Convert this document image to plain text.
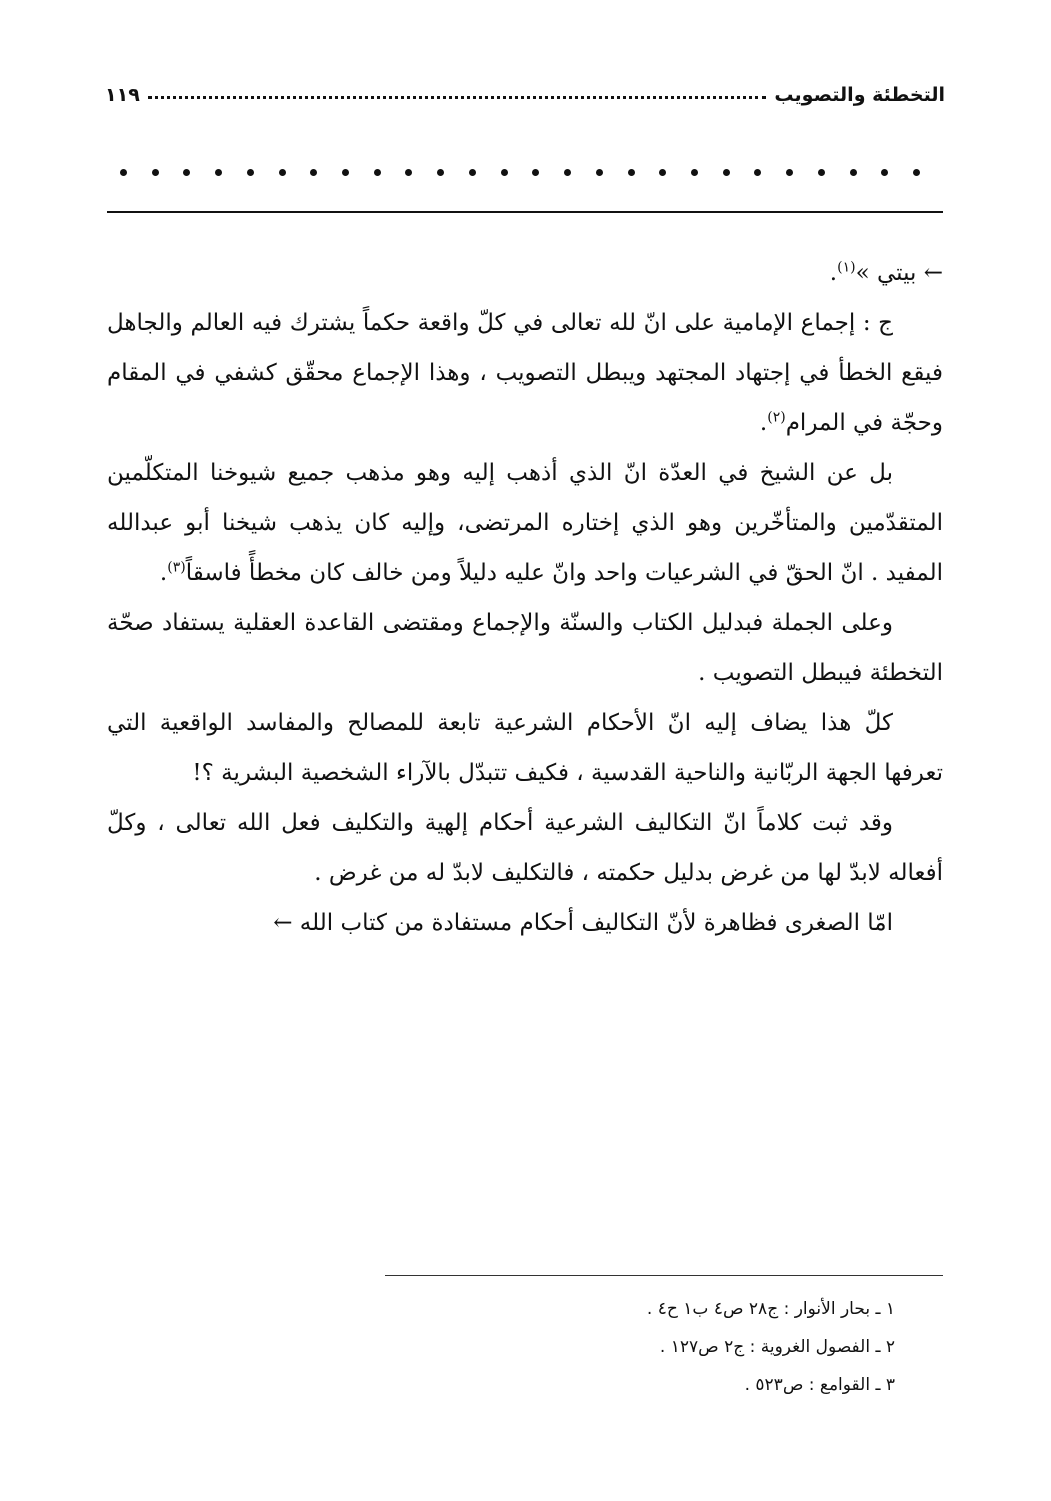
التخطئة والتصويب
١١٩

← بيتي »$^{(١)}$.

ج : إجماع الإمامية على انّ لله تعالى في كلّ واقعة حكماً يشترك فيه العالم والجاهل فيقع الخطأ في إجتهاد المجتهد ويبطل التصويب ، وهذا الإجماع محقّق كشفي في المقام وحجّة في المرام$^{(٢)}$.

بل عن الشيخ في العدّة انّ الذي أذهب إليه وهو مذهب جميع شيوخنا المتكلّمين المتقدّمين والمتأخّرين وهو الذي إختاره المرتضى، وإليه كان يذهب شيخنا أبو عبدالله المفيد . انّ الحقّ في الشرعيات واحد وانّ عليه دليلاً ومن خالف كان مخطأً فاسقاً$^{(٣)}$.

وعلى الجملة فبدليل الكتاب والسنّة والإجماع ومقتضى القاعدة العقلية يستفاد صحّة التخطئة فيبطل التصويب .

كلّ هذا يضاف إليه انّ الأحكام الشرعية تابعة للمصالح والمفاسد الواقعية التي تعرفها الجهة الربّانية والناحية القدسية ، فكيف تتبدّل بالآراء الشخصية البشرية ؟!

وقد ثبت كلاماً انّ التكاليف الشرعية أحكام إلهية والتكليف فعل الله تعالى ، وكلّ أفعاله لابدّ لها من غرض بدليل حكمته ، فالتكليف لابدّ له من غرض .

امّا الصغرى فظاهرة لأنّ التكاليف أحكام مستفادة من كتاب الله ←

١ ـ بحار الأنوار : ج٢٨ ص٤ ب١ ح٤ .

٢ ـ الفصول الغروية : ج٢ ص١٢٧ .

٣ ـ القوامع : ص٥٢٣ .
